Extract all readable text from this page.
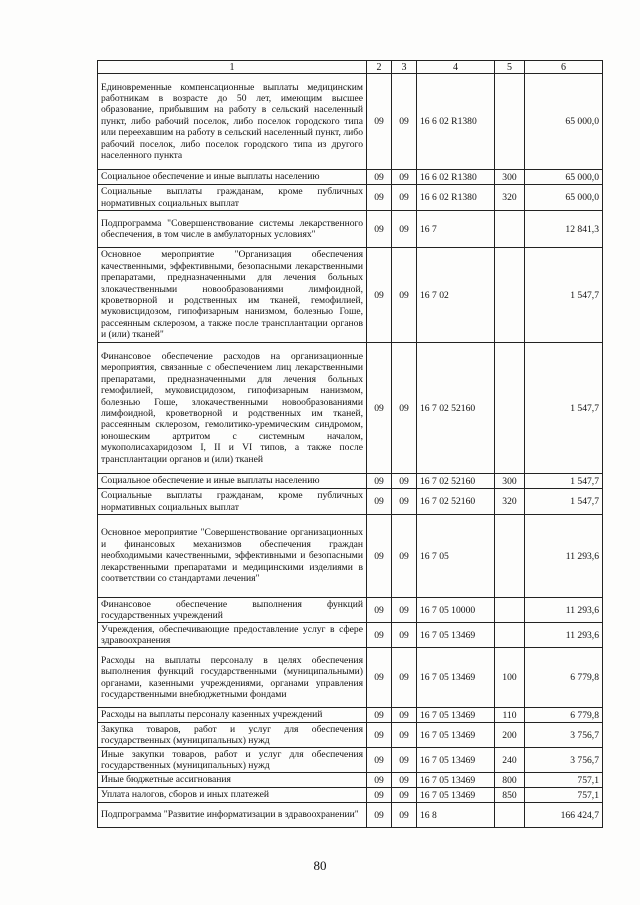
1	2	3	4	5	6
Единовременные компенсационные выплаты медицинским работникам в возрасте до 50 лет, имеющим высшее образование, прибывшим на работу в сельский населенный пункт, либо рабочий поселок, либо поселок городского типа или переехавшим на работу в сельский населенный пункт, либо рабочий поселок, либо поселок городского типа из другого населенного пункта	09	09	16 6 02 R1380		65 000,0
Социальное обеспечение и иные выплаты населению	09	09	16 6 02 R1380	300	65 000,0
Социальные выплаты гражданам, кроме публичных нормативных социальных выплат	09	09	16 6 02 R1380	320	65 000,0
Подпрограмма "Совершенствование системы лекарственного обеспечения, в том числе в амбулаторных условиях"	09	09	16 7		12 841,3
Основное мероприятие "Организация обеспечения качественными, эффективными, безопасными лекарственными препаратами, предназначенными для лечения больных злокачественными новообразованиями лимфоидной, кроветворной и родственных им тканей, гемофилией, муковисцидозом, гипофизарным нанизмом, болезнью Гоше, рассеянным склерозом, а также после трансплантации органов и (или) тканей"	09	09	16 7 02		1 547,7
Финансовое обеспечение расходов на организационные мероприятия, связанные с обеспечением лиц лекарственными препаратами, предназначенными для лечения больных гемофилией, муковисцидозом, гипофизарным нанизмом, болезнью Гоше, злокачественными новообразованиями лимфоидной, кроветворной и родственных им тканей, рассеянным склерозом, гемолитико-уремическим синдромом, юношеским артритом с системным началом, мукополисахаридозом I, II и VI типов, а также после трансплантации органов и (или) тканей	09	09	16 7 02 52160		1 547,7
Социальное обеспечение и иные выплаты населению	09	09	16 7 02 52160	300	1 547,7
Социальные выплаты гражданам, кроме публичных нормативных социальных выплат	09	09	16 7 02 52160	320	1 547,7
Основное мероприятие "Совершенствование организационных и финансовых механизмов обеспечения граждан необходимыми качественными, эффективными и безопасными лекарственными препаратами и медицинскими изделиями в соответствии со стандартами лечения"	09	09	16 7 05		11 293,6
Финансовое обеспечение выполнения функций государственных учреждений	09	09	16 7 05 10000		11 293,6
Учреждения, обеспечивающие предоставление услуг в сфере здравоохранения	09	09	16 7 05 13469		11 293,6
Расходы на выплаты персоналу в целях обеспечения выполнения функций государственными (муниципальными) органами, казенными учреждениями, органами управления государственными внебюджетными фондами	09	09	16 7 05 13469	100	6 779,8
Расходы на выплаты персоналу казенных учреждений	09	09	16 7 05 13469	110	6 779,8
Закупка товаров, работ и услуг для обеспечения государственных (муниципальных) нужд	09	09	16 7 05 13469	200	3 756,7
Иные закупки товаров, работ и услуг для обеспечения государственных (муниципальных) нужд	09	09	16 7 05 13469	240	3 756,7
Иные бюджетные ассигнования	09	09	16 7 05 13469	800	757,1
Уплата налогов, сборов и иных платежей	09	09	16 7 05 13469	850	757,1
Подпрограмма "Развитие информатизации в здравоохранении"	09	09	16 8		166 424,7
80
